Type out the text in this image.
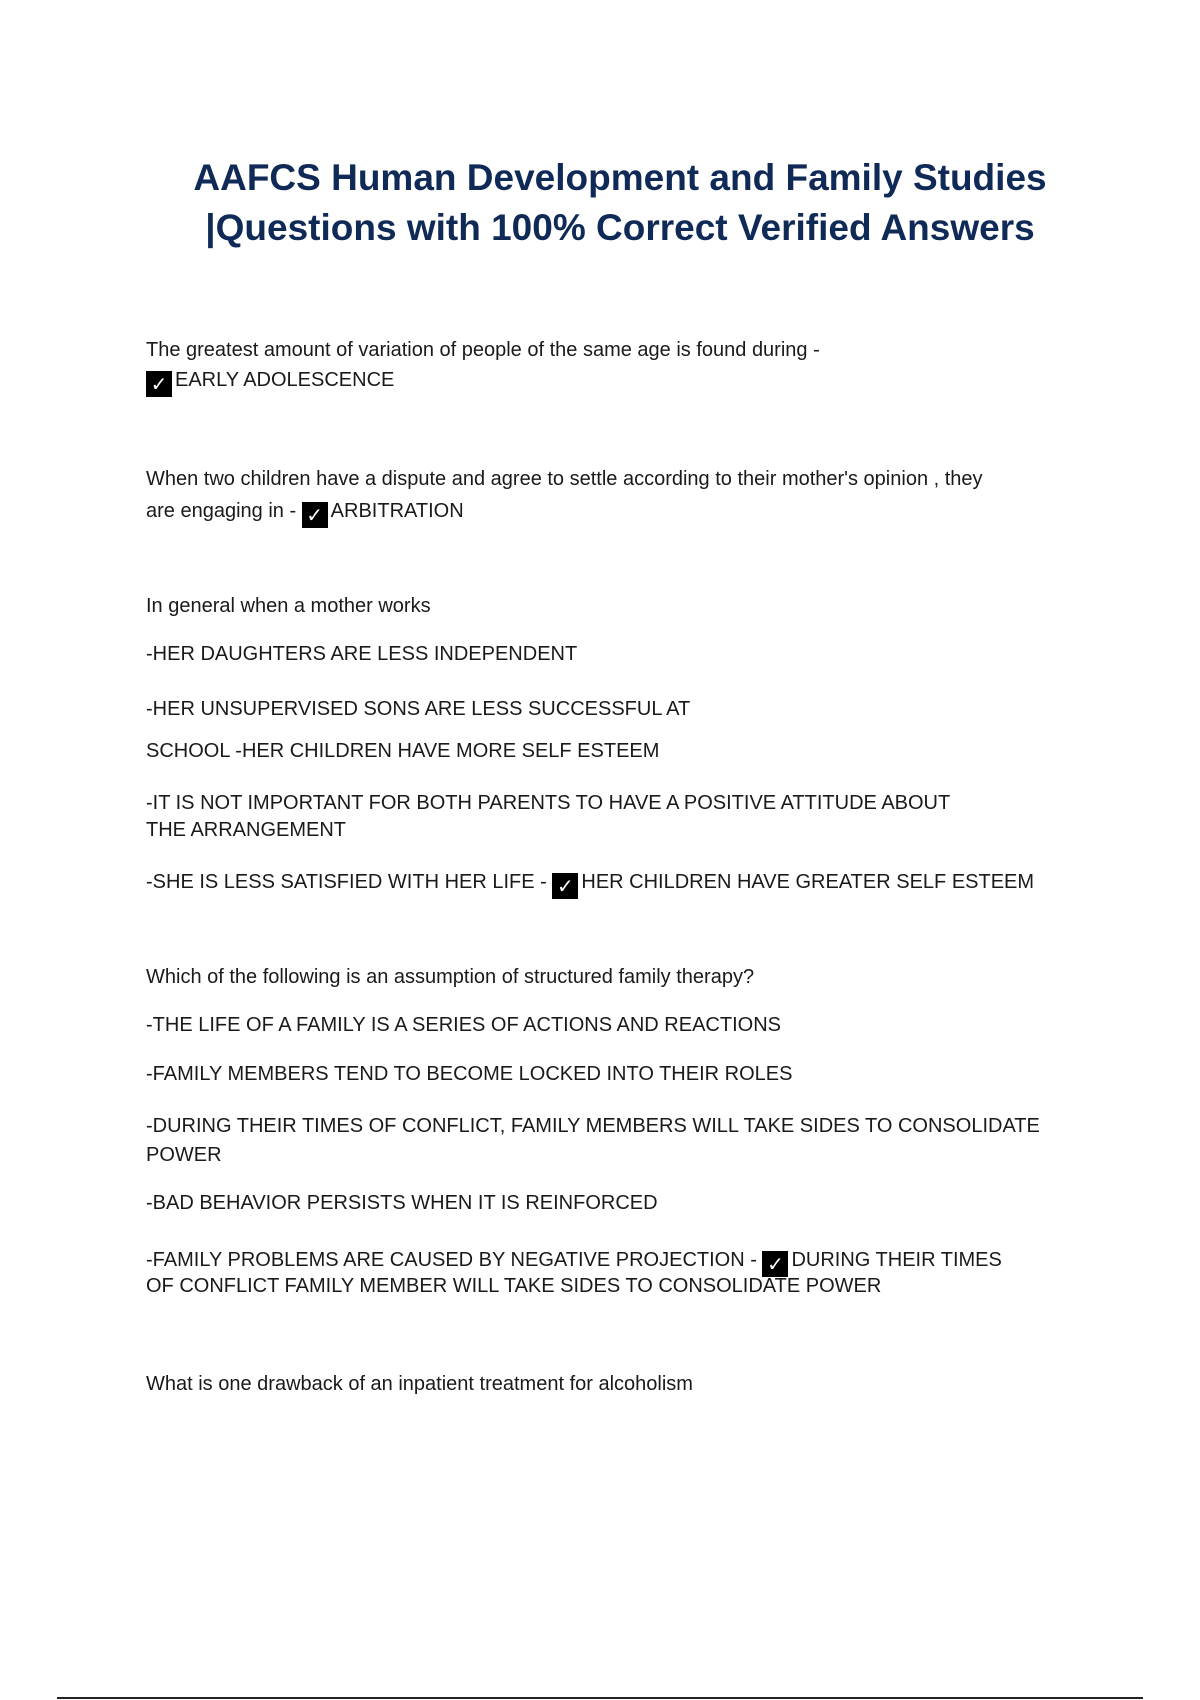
AAFCS Human Development and Family Studies
|Questions with 100% Correct Verified Answers

The greatest amount of variation of people of the same age is found during -

✓ EARLY ADOLESCENCE

When two children have a dispute and agree to settle according to their mother's opinion , they

are engaging in - ✓ ARBITRATION

In general when a mother works

-HER DAUGHTERS ARE LESS INDEPENDENT

-HER UNSUPERVISED SONS ARE LESS SUCCESSFUL AT

SCHOOL -HER CHILDREN HAVE MORE SELF ESTEEM

-IT IS NOT IMPORTANT FOR BOTH PARENTS TO HAVE A POSITIVE ATTITUDE ABOUT

THE ARRANGEMENT

-SHE IS LESS SATISFIED WITH HER LIFE - ✓ HER CHILDREN HAVE GREATER SELF ESTEEM

Which of the following is an assumption of structured family therapy?

-THE LIFE OF A FAMILY IS A SERIES OF ACTIONS AND REACTIONS

-FAMILY MEMBERS TEND TO BECOME LOCKED INTO THEIR ROLES

-DURING THEIR TIMES OF CONFLICT, FAMILY MEMBERS WILL TAKE SIDES TO CONSOLIDATE

POWER

-BAD BEHAVIOR PERSISTS WHEN IT IS REINFORCED

-FAMILY PROBLEMS ARE CAUSED BY NEGATIVE PROJECTION - ✓ DURING THEIR TIMES

OF CONFLICT FAMILY MEMBER WILL TAKE SIDES TO CONSOLIDATE POWER

What is one drawback of an inpatient treatment for alcoholism
